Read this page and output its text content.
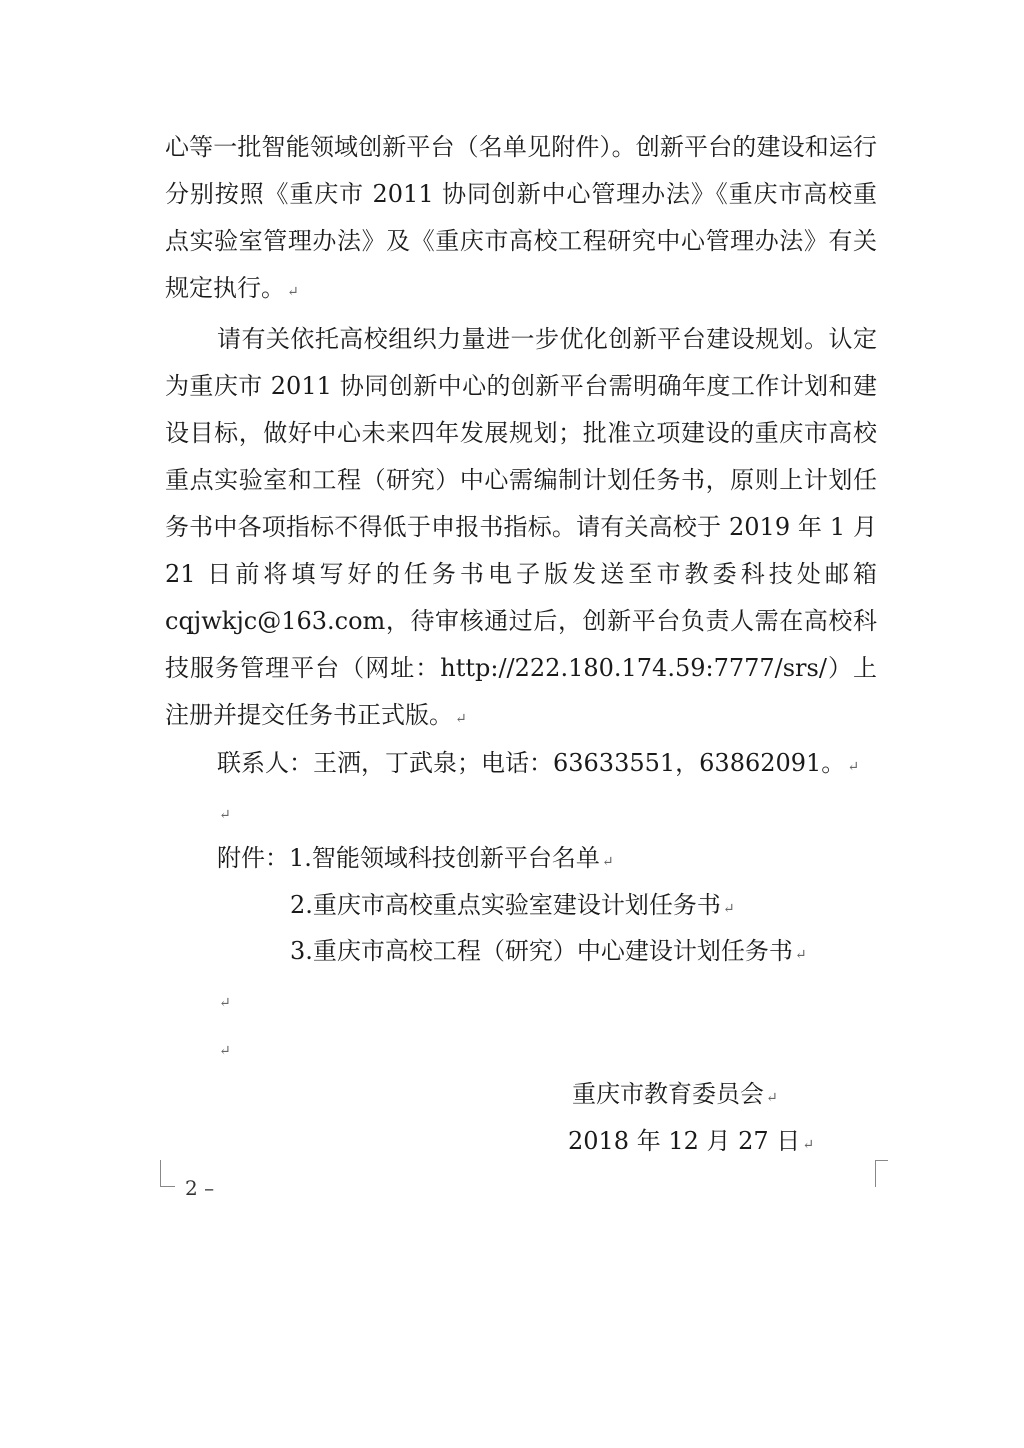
心等一批智能领域创新平台（名单见附件）。创新平台的建设和运行分别按照《重庆市 2011 协同创新中心管理办法》《重庆市高校重点实验室管理办法》及《重庆市高校工程研究中心管理办法》有关规定执行。 ↵

请有关依托高校组织力量进一步优化创新平台建设规划。认定为重庆市 2011 协同创新中心的创新平台需明确年度工作计划和建设目标，做好中心未来四年发展规划；批准立项建设的重庆市高校重点实验室和工程（研究）中心需编制计划任务书，原则上计划任务书中各项指标不得低于申报书指标。请有关高校于 2019 年 1 月 21 日前将填写好的任务书电子版发送至市教委科技处邮箱 cqjwkjc@163.com，待审核通过后，创新平台负责人需在高校科技服务管理平台（网址：http://222.180.174.59:7777/srs/）上注册并提交任务书正式版。 ↵

联系人：王洒，丁武泉；电话：63633551，63862091。 ↵
↵
附件：1.智能领域科技创新平台名单 ↵
2.重庆市高校重点实验室建设计划任务书 ↵
3.重庆市高校工程（研究）中心建设计划任务书 ↵
↵
↵
重庆市教育委员会 ↵
2018 年 12 月 27 日 ↵
2 –
